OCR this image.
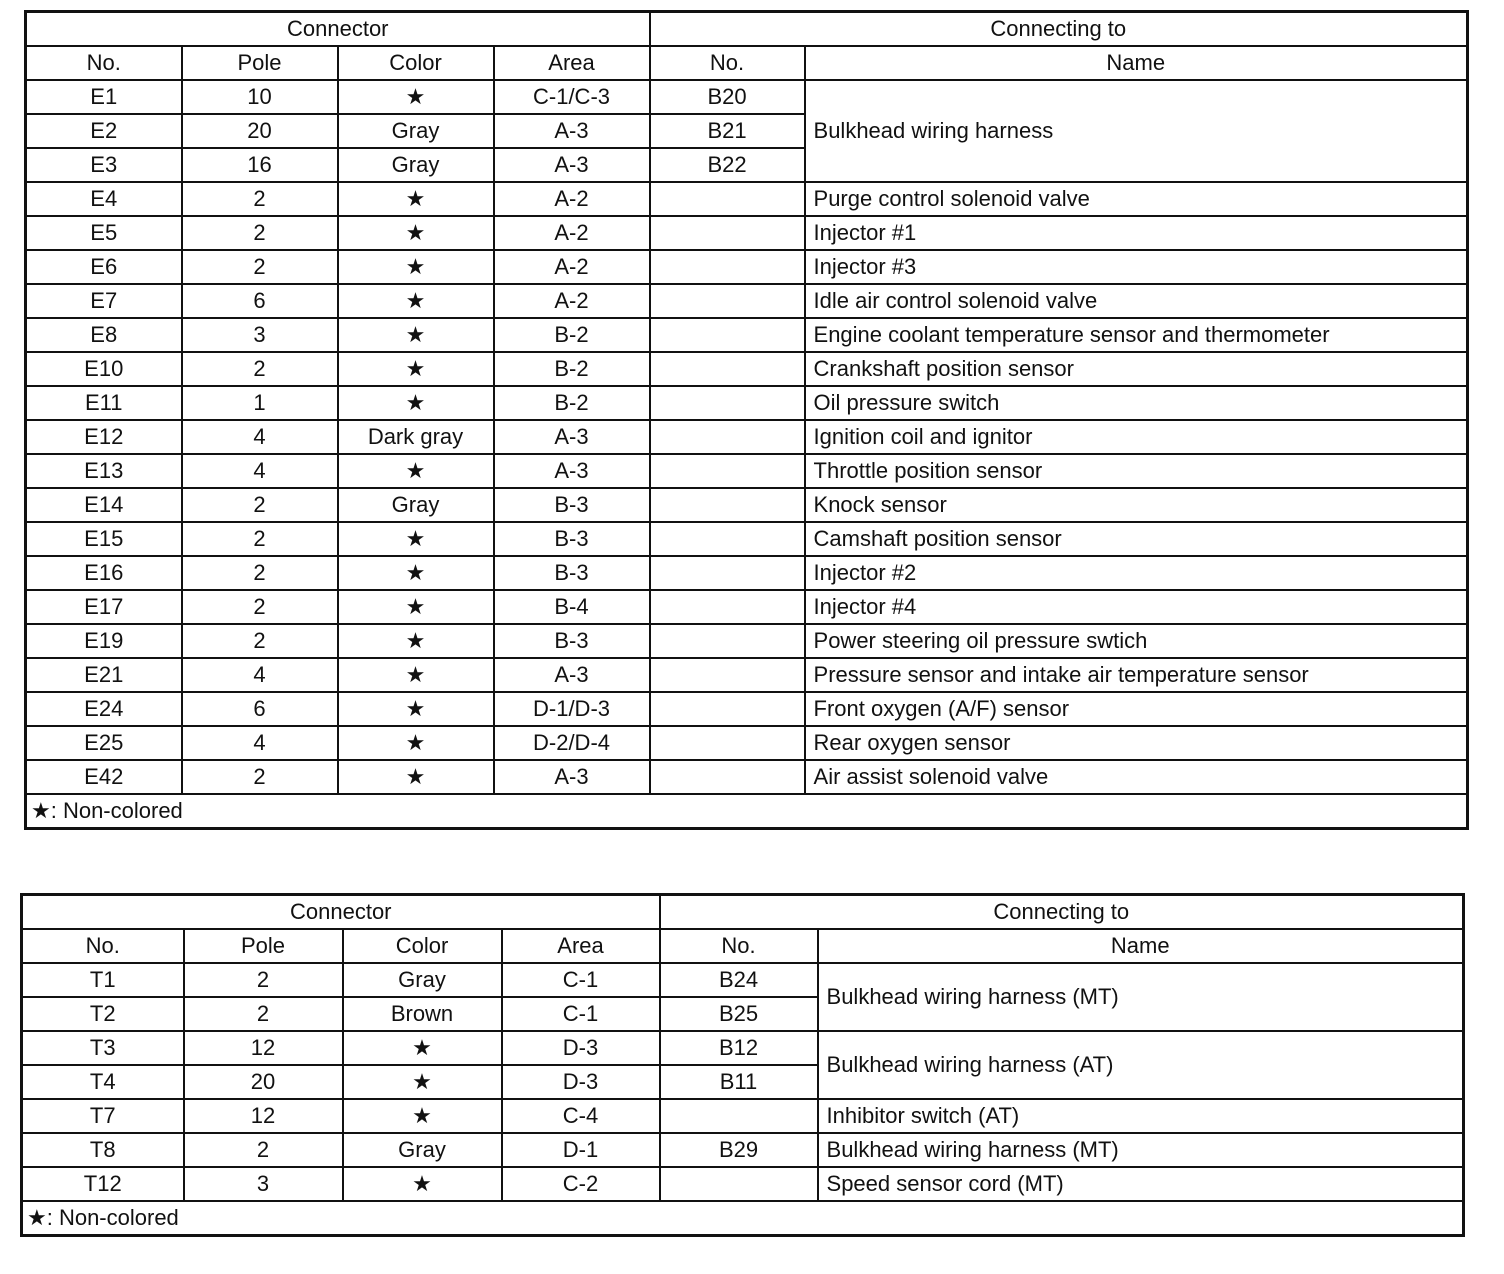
Connector				Connecting to	
No.	Pole	Color	Area	No.	Name
E1	10	★	C-1/C-3	B20	Bulkhead wiring harness
E2	20	Gray	A-3	B21	
E3	16	Gray	A-3	B22	
E4	2	★	A-2		Purge control solenoid valve
E5	2	★	A-2		Injector #1
E6	2	★	A-2		Injector #3
E7	6	★	A-2		Idle air control solenoid valve
E8	3	★	B-2		Engine coolant temperature sensor and thermometer
E10	2	★	B-2		Crankshaft position sensor
E11	1	★	B-2		Oil pressure switch
E12	4	Dark gray	A-3		Ignition coil and ignitor
E13	4	★	A-3		Throttle position sensor
E14	2	Gray	B-3		Knock sensor
E15	2	★	B-3		Camshaft position sensor
E16	2	★	B-3		Injector #2
E17	2	★	B-4		Injector #4
E19	2	★	B-3		Power steering oil pressure swtich
E21	4	★	A-3		Pressure sensor and intake air temperature sensor
E24	6	★	D-1/D-3		Front oxygen (A/F) sensor
E25	4	★	D-2/D-4		Rear oxygen sensor
E42	2	★	A-3		Air assist solenoid valve
★: Non-colored					
Connector				Connecting to	
No.	Pole	Color	Area	No.	Name
T1	2	Gray	C-1	B24	Bulkhead wiring harness (MT)
T2	2	Brown	C-1	B25	
T3	12	★	D-3	B12	Bulkhead wiring harness (AT)
T4	20	★	D-3	B11	
T7	12	★	C-4		Inhibitor switch (AT)
T8	2	Gray	D-1	B29	Bulkhead wiring harness (MT)
T12	3	★	C-2		Speed sensor cord (MT)
★: Non-colored					
